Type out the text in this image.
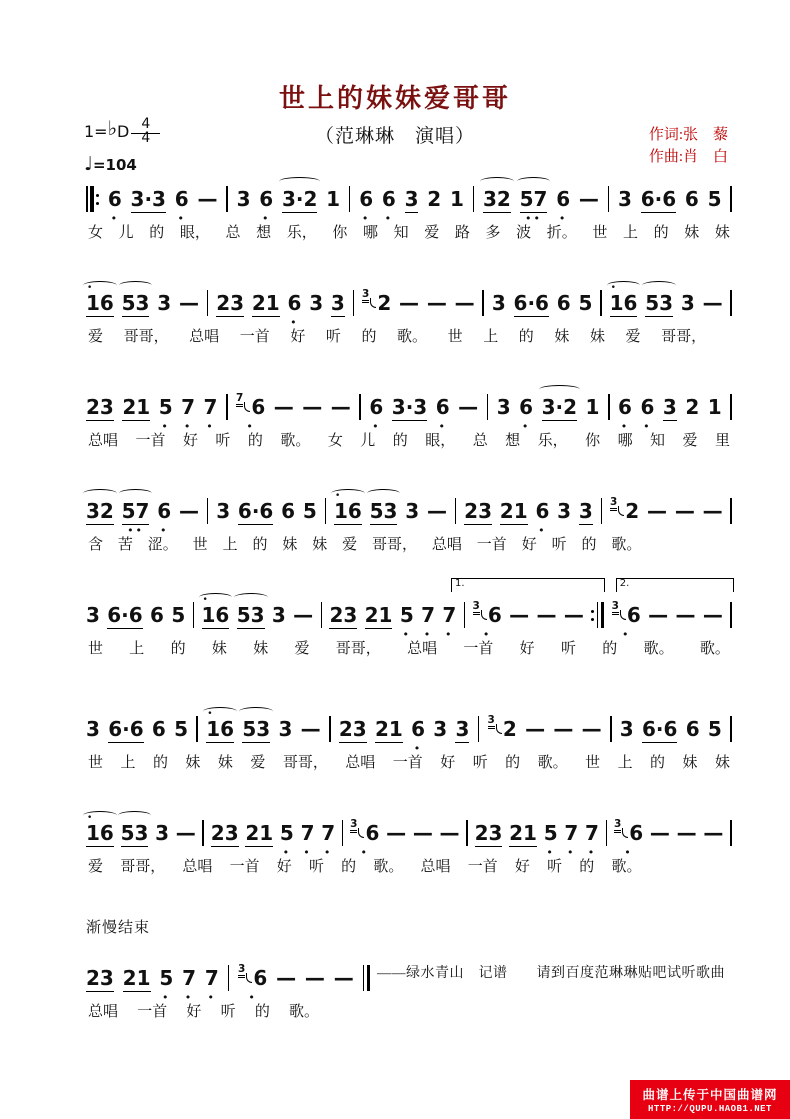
世上的妹妹爱哥哥
（范琳琳　演唱）	作词:张　藜
作曲:肖　白
1= ♭ D $\frac{4}{4}$
♩=104
6
•
3·3 6
•
— 3 6
•
3·2 1 6
•
6
•
3 2 1 32 57
••
6
•
— 3 6·6 6 5
女 儿 的 眼， 总 想 乐， 你 哪 知 爱 路 多 波 折。 世 上 的 妹 妹
•
16 53 3 — 23 21 6
•
3 3 $^3$ 2 — — — 3 6·6 6 5
•
16 53 3 —
爱 哥哥， 总唱 一首 好 听 的 歌。 世 上 的 妹 妹 爱 哥哥，
23 21 5
•
7
•
7
•
$^7$ 6
•
— — — 6
•
3·3 6
•
— 3 6
•
3·2 1 6
•
6
•
3 2 1
总唱 一首 好 听 的 歌。 女 儿 的 眼， 总 想 乐， 你 哪 知 爱 里
32 57
••
6
•
— 3 6·6 6 5
•
16 53 3 — 23 21 6
•
3 3 $^3$ 2 — — —
含 苦 涩。 世 上 的 妹 妹 爱 哥哥， 总唱 一首 好 听 的 歌。
1.	2.
3 6·6 6 5
•
16 53 3 — 23 21 5
•
7
•
7
•
$^3$ 6
•
— — —	$^3$ 6
•
— — —
世 上 的 妹 妹 爱 哥哥， 总唱 一首 好 听 的 歌。 歌。
3 6·6 6 5
•
16 53 3 — 23 21 6
•
3 3 $^3$ 2 — — — 3 6·6 6 5
世 上 的 妹 妹 爱 哥哥， 总唱 一首 好 听 的 歌。 世 上 的 妹 妹
•
16 53 3 — 23 21 5
•
7
•
7
•
$^3$ 6
•
— — — 23 21 5
•
7
•
7
•
$^3$ 6
•
— — —
爱 哥哥， 总唱 一首 好 听 的 歌。 总唱 一首 好 听 的 歌。
渐慢结束
23 21 5
•
7
•
7
•
$^3$ 6
•
— — —
总唱 一首 好 听 的 歌。
——绿水青山　记谱　　请到百度范琳琳贴吧试听歌曲
曲谱上传于中国曲谱网
HTTP://QUPU.HAOB1.NET
